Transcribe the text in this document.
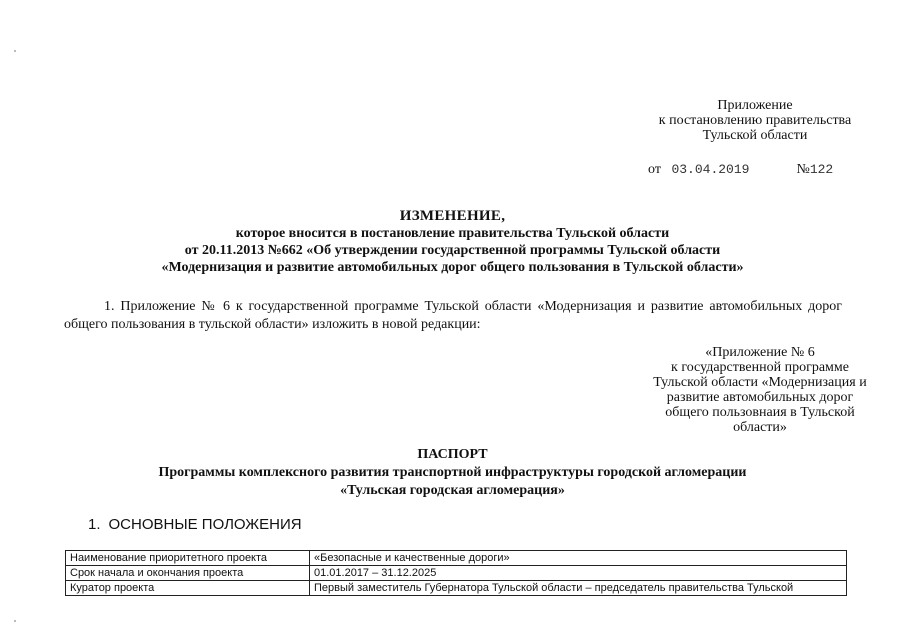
Приложение
к постановлению правительства
Тульской области
от 03.04.2019	№122
ИЗМЕНЕНИЕ,
которое вносится в постановление правительства Тульской области
от 20.11.2013 №662 «Об утверждении государственной программы Тульской области
«Модернизация и развитие автомобильных дорог общего пользования в Тульской области»
1. Приложение № 6 к государственной программе Тульской области «Модернизация и развитие автомобильных дорог общего пользования в тульской области» изложить в новой редакции:
«Приложение № 6
к государственной программе
Тульской области «Модернизация и
развитие автомобильных дорог
общего пользовнаия в Тульской
области»
ПАСПОРТ
Программы комплексного развития транспортной инфраструктуры городской агломерации
«Тульская городская агломерация»
1. ОСНОВНЫЕ ПОЛОЖЕНИЯ
Наименование приоритетного проекта	«Безопасные и качественные дороги»
Срок начала и окончания проекта	01.01.2017 – 31.12.2025
Куратор проекта	Первый заместитель Губернатора Тульской области – председатель правительства Тульской
